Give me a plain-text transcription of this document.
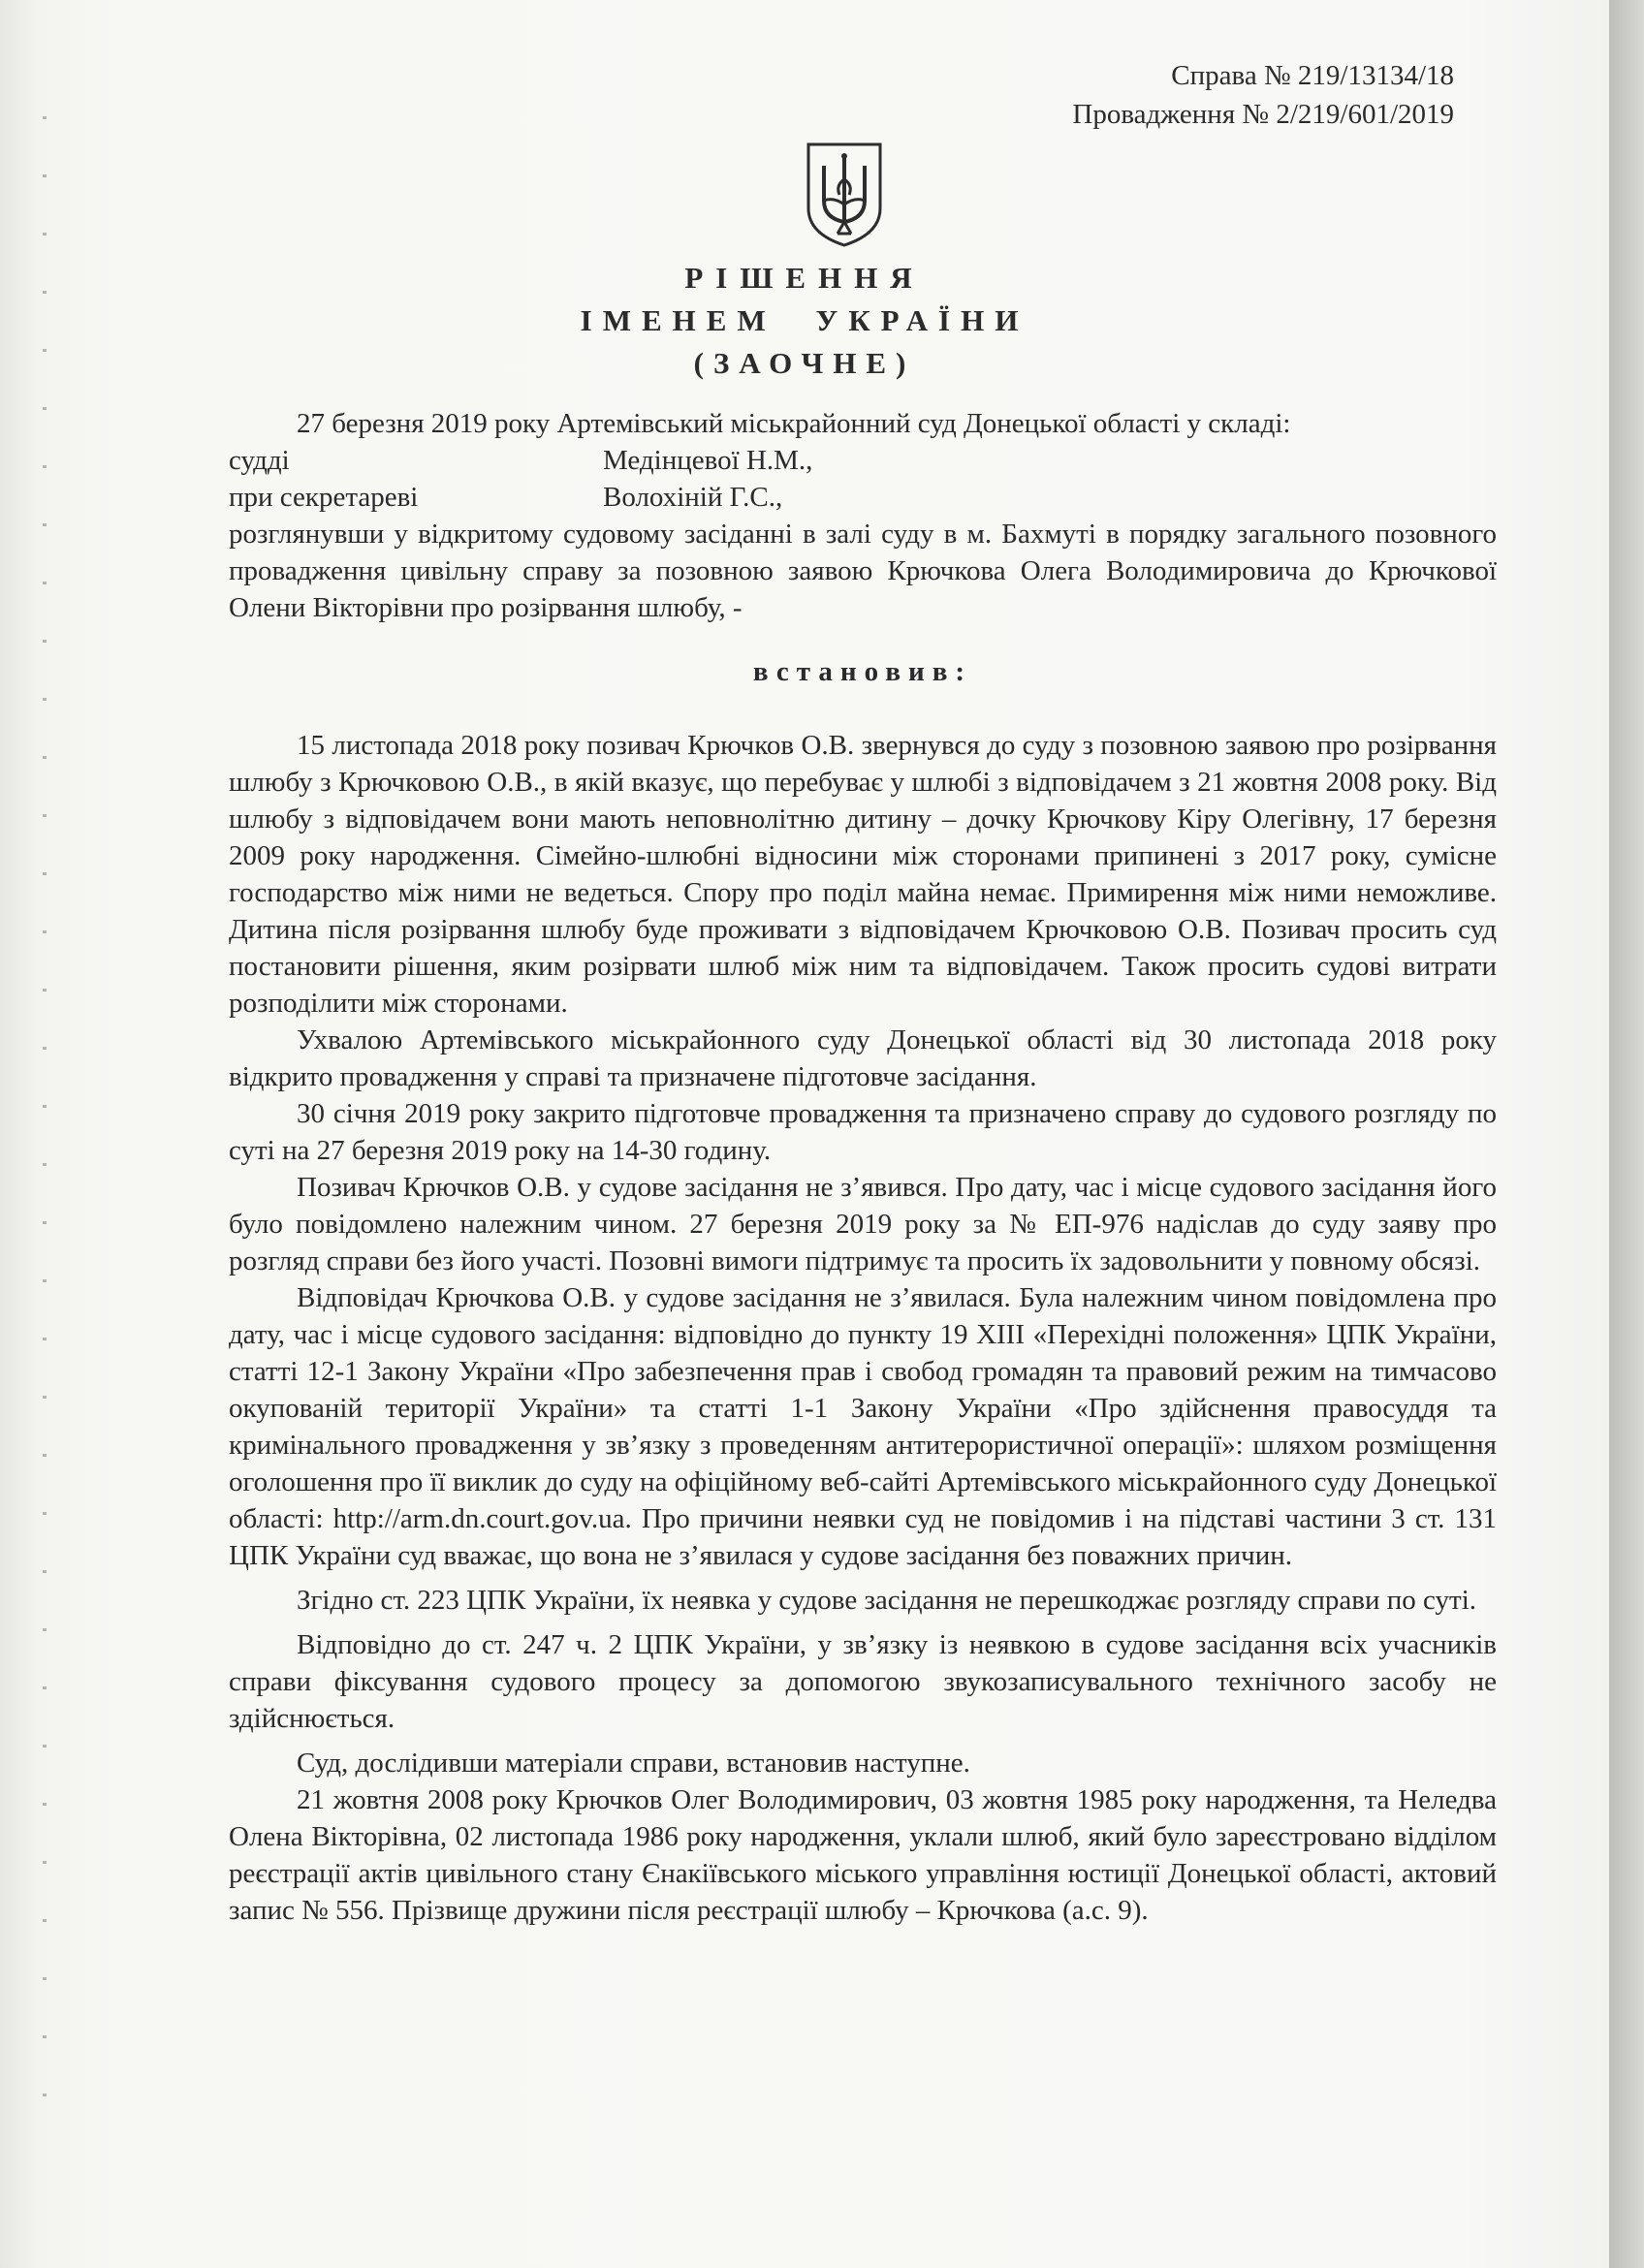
Справа № 219/13134/18
Провадження № 2/219/601/2019
РІШЕННЯ
ІМЕНЕМ УКРАЇНИ
(ЗАОЧНЕ)

27 березня 2019 року Артемівський міськрайонний суд Донецької області у складі:

судді	Медінцевої Н.М.,
при секретареві	Волохіній Г.С.,

розглянувши у відкритому судовому засіданні в залі суду в м. Бахмуті в порядку загального позовного провадження цивільну справу за позовною заявою Крючкова Олега Володимировича до Крючкової Олени Вікторівни про розірвання шлюбу, -

встановив:

15 листопада 2018 року позивач Крючков О.В. звернувся до суду з позовною заявою про розірвання шлюбу з Крючковою О.В., в якій вказує, що перебуває у шлюбі з відповідачем з 21 жовтня 2008 року. Від шлюбу з відповідачем вони мають неповнолітню дитину – дочку Крючкову Кіру Олегівну, 17 березня 2009 року народження. Сімейно-шлюбні відносини між сторонами припинені з 2017 року, сумісне господарство між ними не ведеться. Спору про поділ майна немає. Примирення між ними неможливе. Дитина після розірвання шлюбу буде проживати з відповідачем Крючковою О.В. Позивач просить суд постановити рішення, яким розірвати шлюб між ним та відповідачем. Також просить судові витрати розподілити між сторонами.

Ухвалою Артемівського міськрайонного суду Донецької області від 30 листопада 2018 року відкрито провадження у справі та призначене підготовче засідання.

30 січня 2019 року закрито підготовче провадження та призначено справу до судового розгляду по суті на 27 березня 2019 року на 14-30 годину.

Позивач Крючков О.В. у судове засідання не з’явився. Про дату, час і місце судового засідання його було повідомлено належним чином. 27 березня 2019 року за № ЕП-976 надіслав до суду заяву про розгляд справи без його участі. Позовні вимоги підтримує та просить їх задовольнити у повному обсязі.

Відповідач Крючкова О.В. у судове засідання не з’явилася. Була належним чином повідомлена про дату, час і місце судового засідання: відповідно до пункту 19 XIII «Перехідні положення» ЦПК України, статті 12-1 Закону України «Про забезпечення прав і свобод громадян та правовий режим на тимчасово окупованій території України» та статті 1-1 Закону України «Про здійснення правосуддя та кримінального провадження у зв’язку з проведенням антитерористичної операції»: шляхом розміщення оголошення про її виклик до суду на офіційному веб-сайті Артемівського міськрайонного суду Донецької області: http://arm.dn.court.gov.ua. Про причини неявки суд не повідомив і на підставі частини 3 ст. 131 ЦПК України суд вважає, що вона не з’явилася у судове засідання без поважних причин.

Згідно ст. 223 ЦПК України, їх неявка у судове засідання не перешкоджає розгляду справи по суті.

Відповідно до ст. 247 ч. 2 ЦПК України, у зв’язку із неявкою в судове засідання всіх учасників справи фіксування судового процесу за допомогою звукозаписувального технічного засобу не здійснюється.

Суд, дослідивши матеріали справи, встановив наступне.

21 жовтня 2008 року Крючков Олег Володимирович, 03 жовтня 1985 року народження, та Неледва Олена Вікторівна, 02 листопада 1986 року народження, уклали шлюб, який було зареєстровано відділом реєстрації актів цивільного стану Єнакіївського міського управління юстиції Донецької області, актовий запис № 556. Прізвище дружини після реєстрації шлюбу – Крючкова (а.с. 9).
